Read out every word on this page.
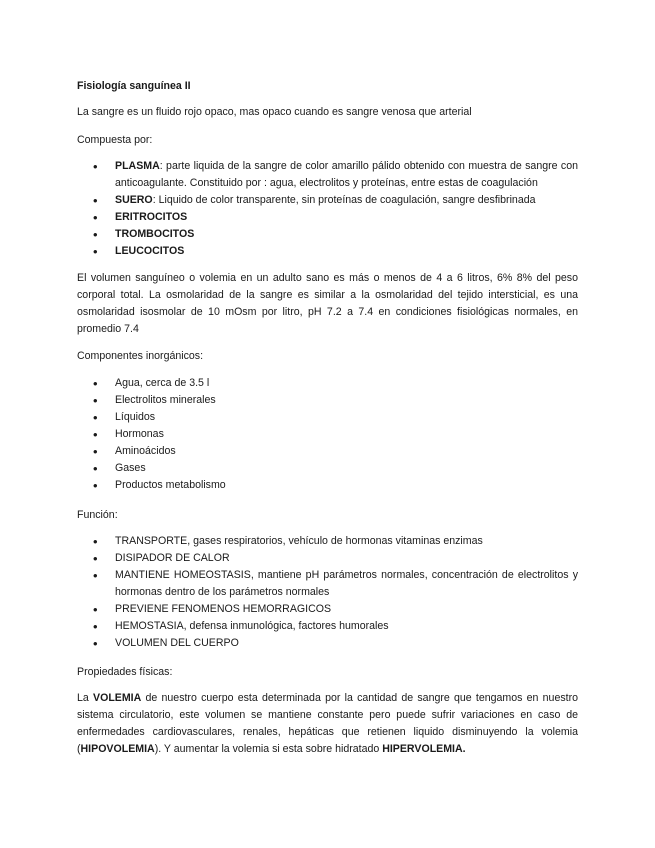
Fisiología sanguínea II

La sangre es un fluido rojo opaco, mas opaco cuando es sangre venosa que arterial

Compuesta por:

• PLASMA: parte liquida de la sangre de color amarillo pálido obtenido con muestra de sangre con anticoagulante. Constituido por : agua, electrolitos y proteínas, entre estas de coagulación
• SUERO: Liquido de color transparente, sin proteínas de coagulación, sangre desfibrinada
• ERITROCITOS
• TROMBOCITOS
• LEUCOCITOS

El volumen sanguíneo o volemia en un adulto sano es más o menos de 4 a 6 litros, 6% 8% del peso corporal total. La osmolaridad de la sangre es similar a la osmolaridad del tejido intersticial, es una osmolaridad isosmolar de 10 mOsm por litro, pH 7.2 a 7.4 en condiciones fisiológicas normales, en promedio 7.4

Componentes inorgánicos:

• Agua, cerca de 3.5 l
• Electrolitos minerales
• Líquidos
• Hormonas
• Aminoácidos
• Gases
• Productos metabolismo

Función:

• TRANSPORTE, gases respiratorios, vehículo de hormonas vitaminas enzimas
• DISIPADOR DE CALOR
• MANTIENE HOMEOSTASIS, mantiene pH parámetros normales, concentración de electrolitos y hormonas dentro de los parámetros normales
• PREVIENE FENOMENOS HEMORRAGICOS
• HEMOSTASIA, defensa inmunológica, factores humorales
• VOLUMEN DEL CUERPO

Propiedades físicas:

La VOLEMIA de nuestro cuerpo esta determinada por la cantidad de sangre que tengamos en nuestro sistema circulatorio, este volumen se mantiene constante pero puede sufrir variaciones en caso de enfermedades cardiovasculares, renales, hepáticas que retienen liquido disminuyendo la volemia (HIPOVOLEMIA). Y aumentar la volemia si esta sobre hidratado HIPERVOLEMIA.
